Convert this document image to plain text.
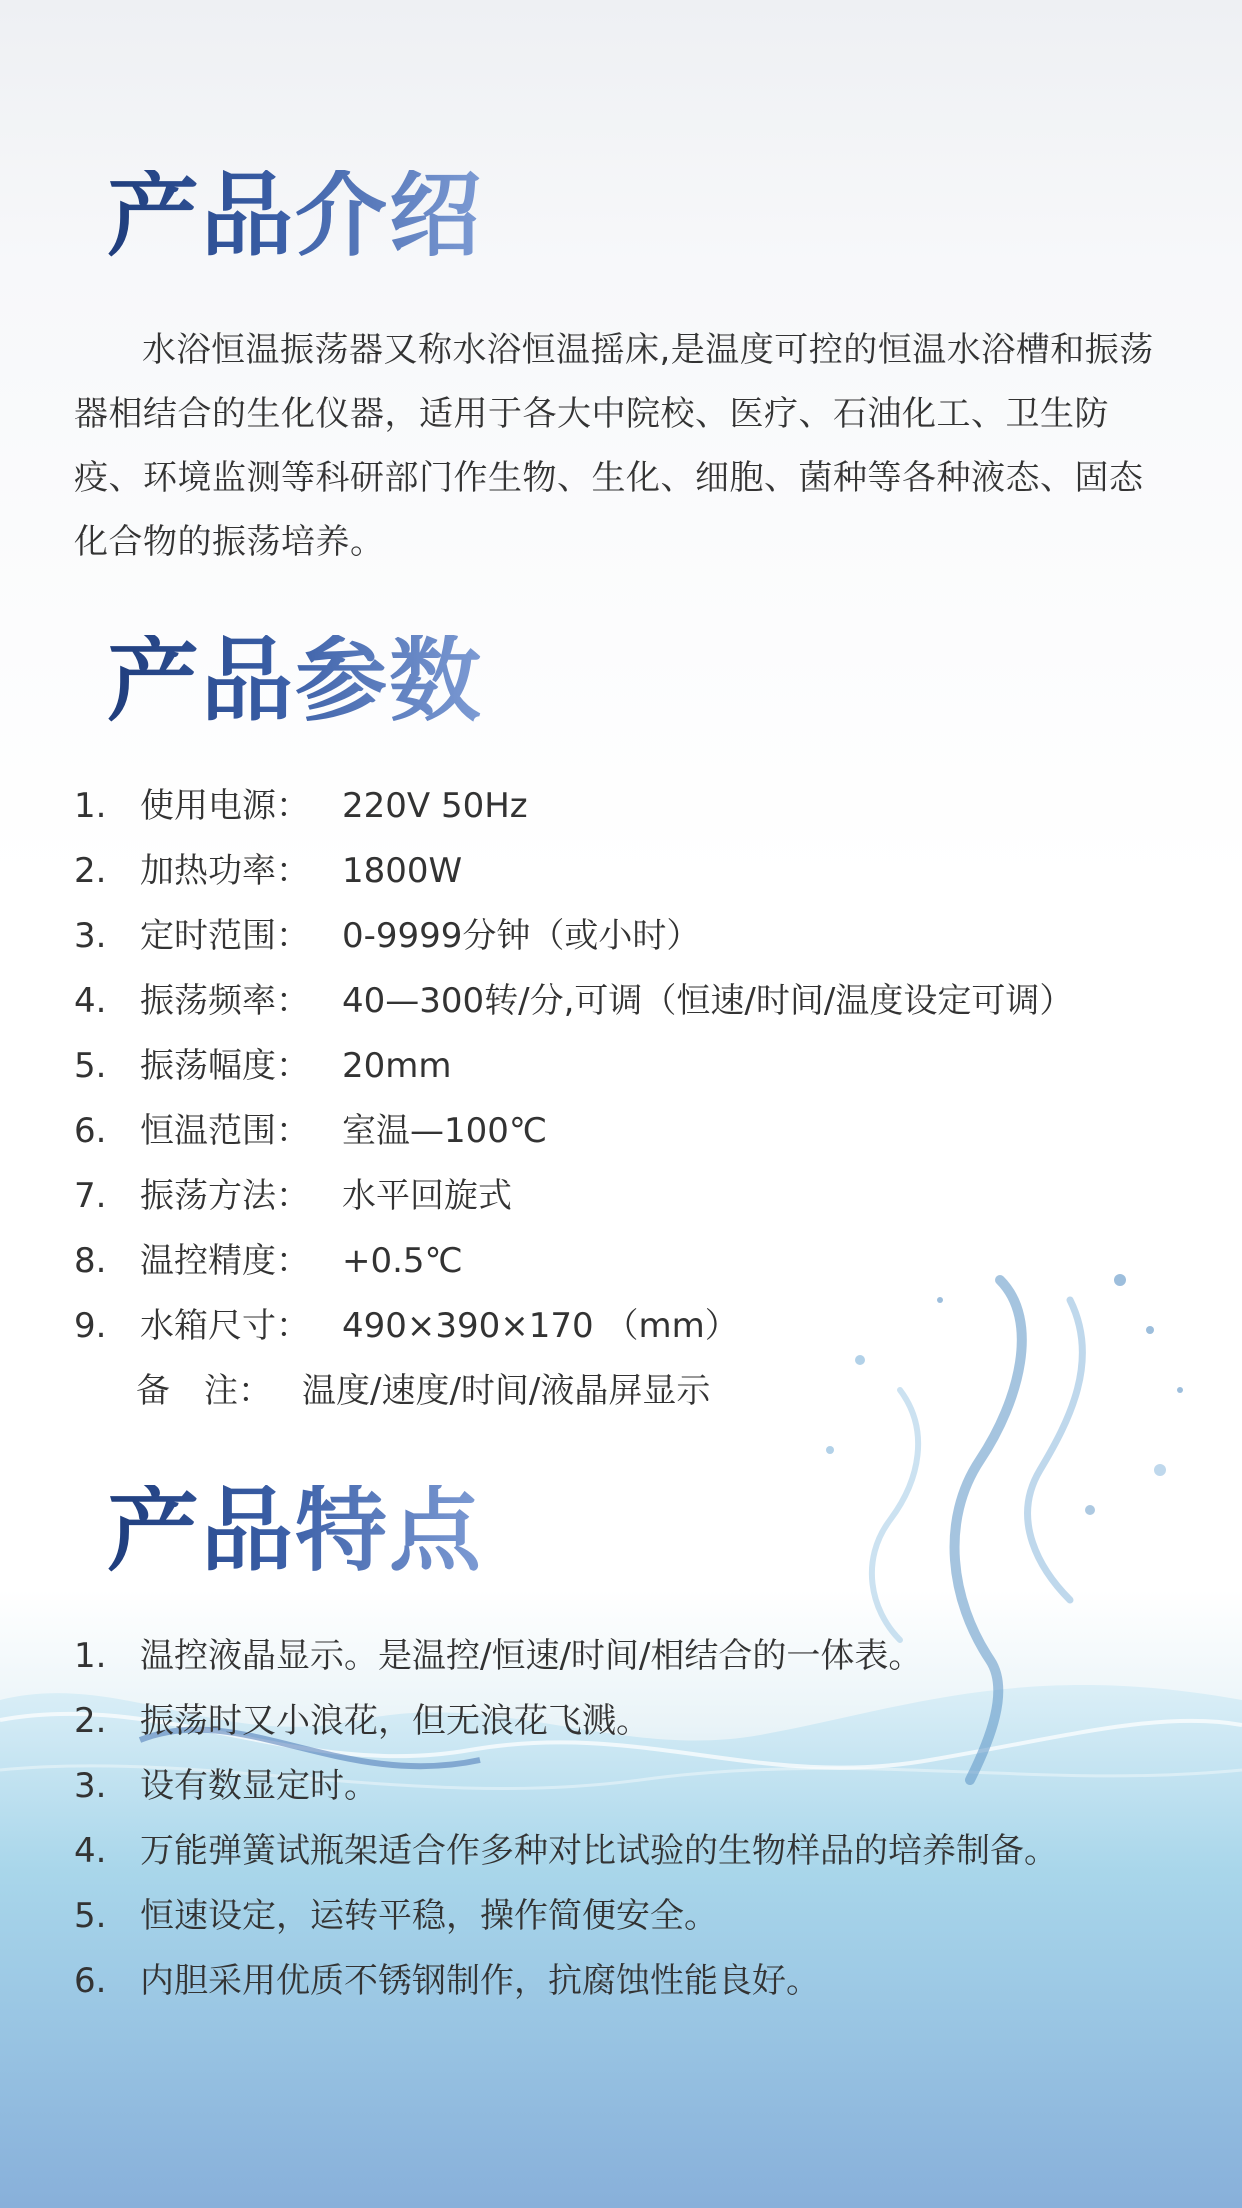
产品介绍

水浴恒温振荡器又称水浴恒温摇床,是温度可控的恒温水浴槽和振荡器相结合的生化仪器，适用于各大中院校、医疗、石油化工、卫生防疫、环境监测等科研部门作生物、生化、细胞、菌种等各种液态、固态化合物的振荡培养。

产品参数
1. 使用电源： 220V 50Hz
2. 加热功率： 1800W
3. 定时范围： 0-9999分钟（或小时）
4. 振荡频率： 40—300转/分,可调（恒速/时间/温度设定可调）
5. 振荡幅度： 20mm
6. 恒温范围： 室温—100℃
7. 振荡方法： 水平回旋式
8. 温控精度： +0.5℃
9. 水箱尺寸： 490×390×170 （mm）
备　注： 温度/速度/时间/液晶屏显示
产品特点
1. 温控液晶显示。是温控/恒速/时间/相结合的一体表。
2. 振荡时又小浪花，但无浪花飞溅。
3. 设有数显定时。
4. 万能弹簧试瓶架适合作多种对比试验的生物样品的培养制备。
5. 恒速设定，运转平稳，操作简便安全。
6. 内胆采用优质不锈钢制作，抗腐蚀性能良好。
